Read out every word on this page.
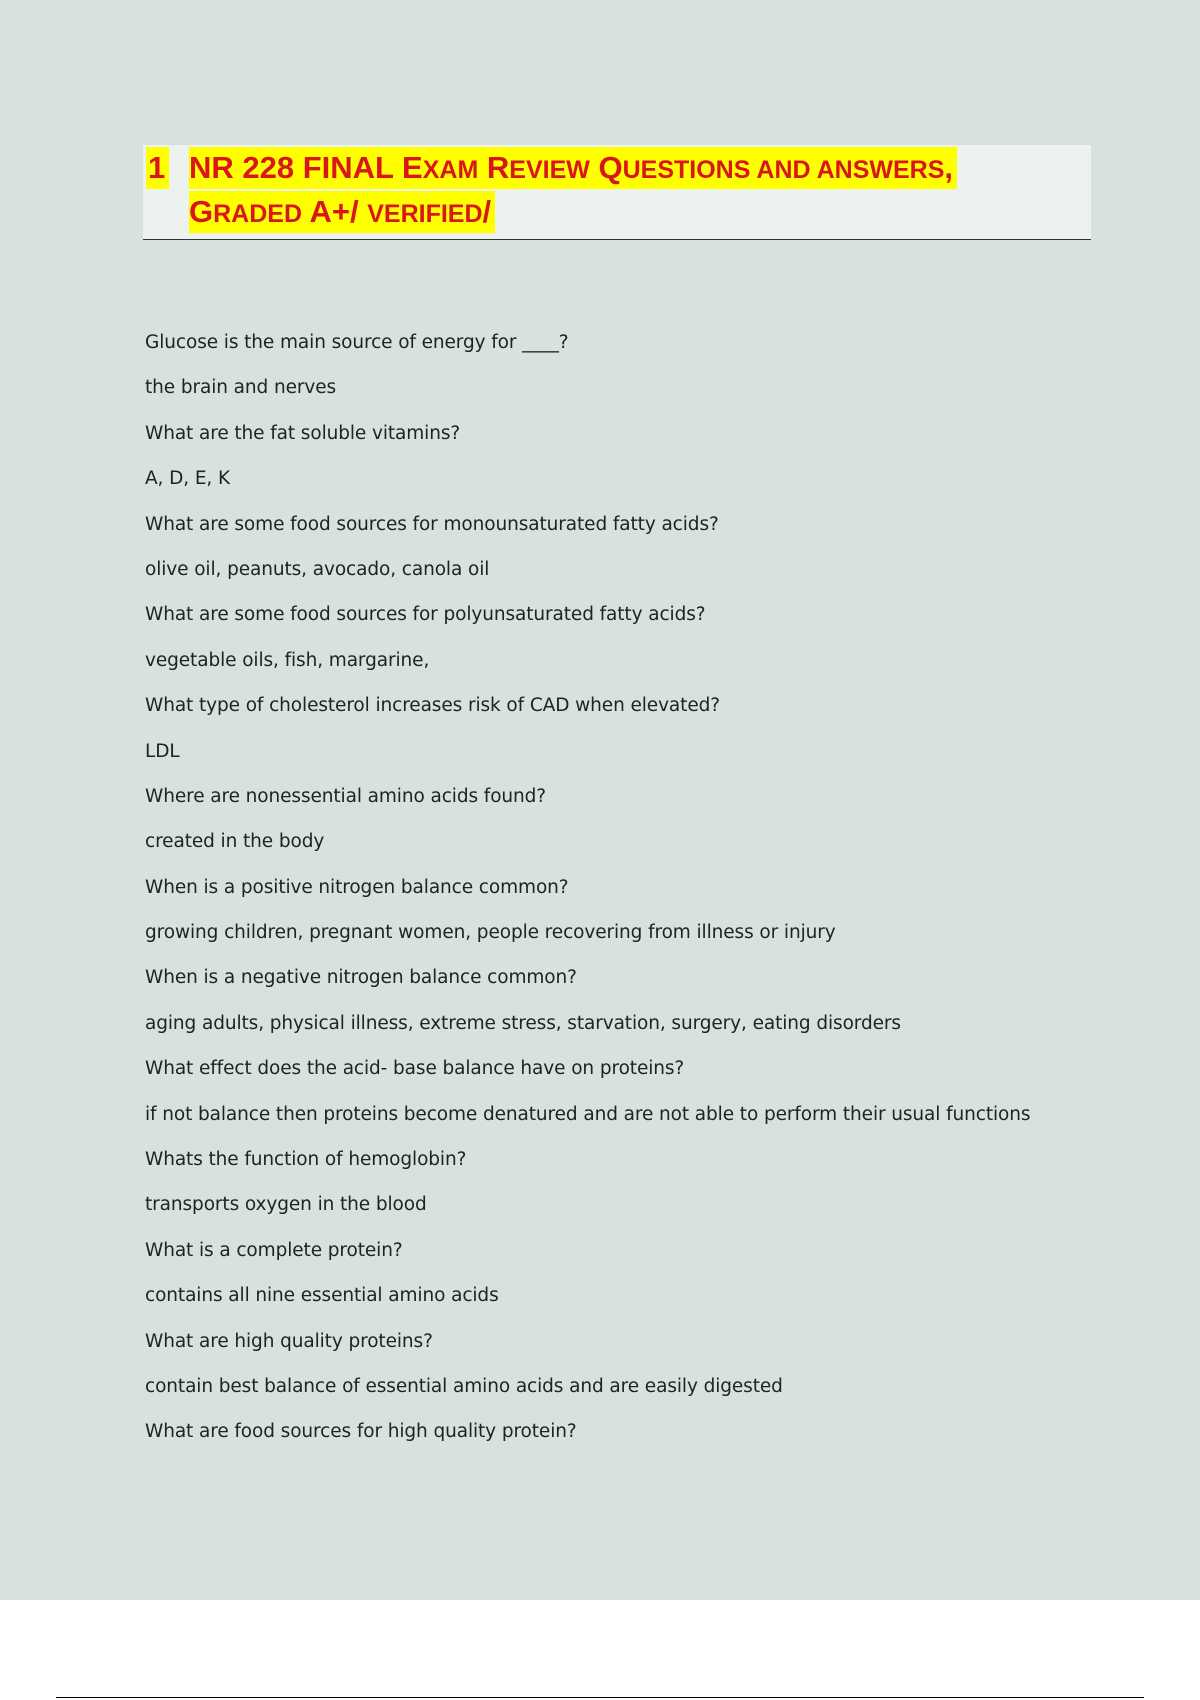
1 NR 228 FINAL EXAM REVIEW QUESTIONS AND ANSWERS,
GRADED A+/ VERIFIED/
Glucose is the main source of energy for ____?
the brain and nerves
What are the fat soluble vitamins?
A, D, E, K
What are some food sources for monounsaturated fatty acids?
olive oil, peanuts, avocado, canola oil
What are some food sources for polyunsaturated fatty acids?
vegetable oils, fish, margarine,
What type of cholesterol increases risk of CAD when elevated?
LDL
Where are nonessential amino acids found?
created in the body
When is a positive nitrogen balance common?
growing children, pregnant women, people recovering from illness or injury
When is a negative nitrogen balance common?
aging adults, physical illness, extreme stress, starvation, surgery, eating disorders
What effect does the acid- base balance have on proteins?
if not balance then proteins become denatured and are not able to perform their usual functions
Whats the function of hemoglobin?
transports oxygen in the blood
What is a complete protein?
contains all nine essential amino acids
What are high quality proteins?
contain best balance of essential amino acids and are easily digested
What are food sources for high quality protein?
